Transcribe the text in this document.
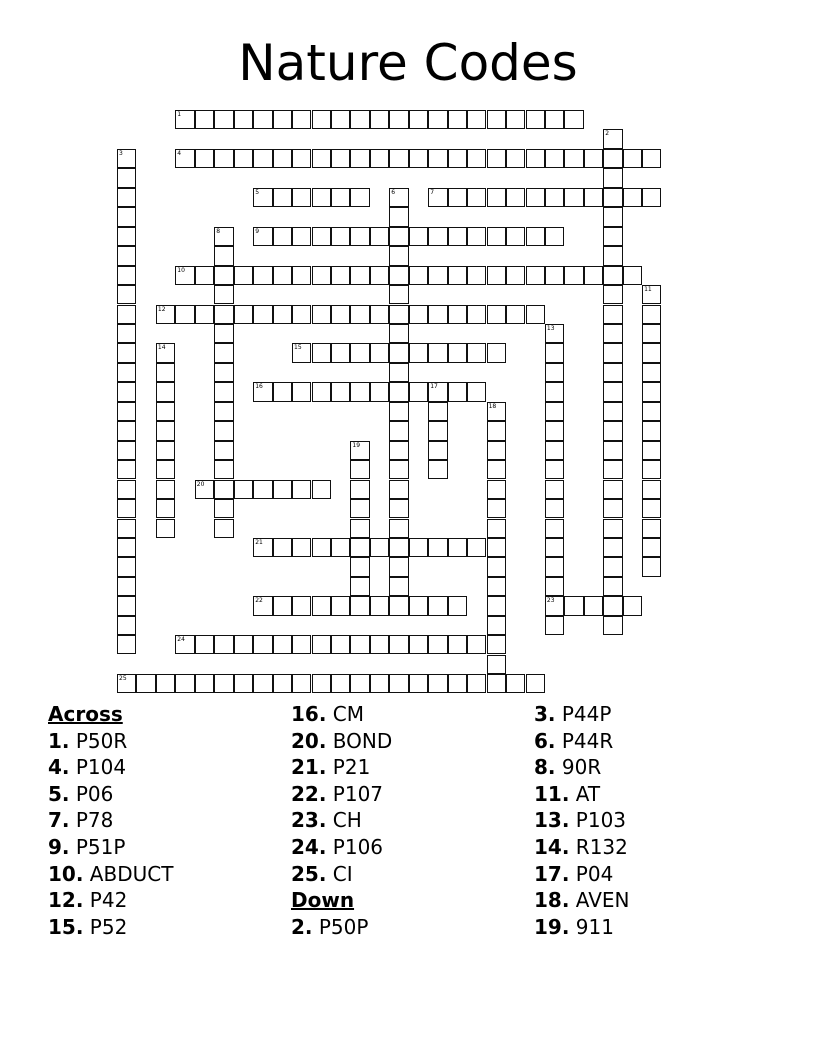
Nature Codes
1
2
3	4
5	6	7
8	9
10
11
12
13
23
14	15
16	17
18
19
20
21
22
24
25
Across
1. P50R
4. P104
5. P06
7. P78
9. P51P
10. ABDUCT
12. P42
15. P52
16. CM
20. BOND
21. P21
22. P107
23. CH
24. P106
25. CI
Down
2. P50P
3. P44P
6. P44R
8. 90R
11. AT
13. P103
14. R132
17. P04
18. AVEN
19. 911
